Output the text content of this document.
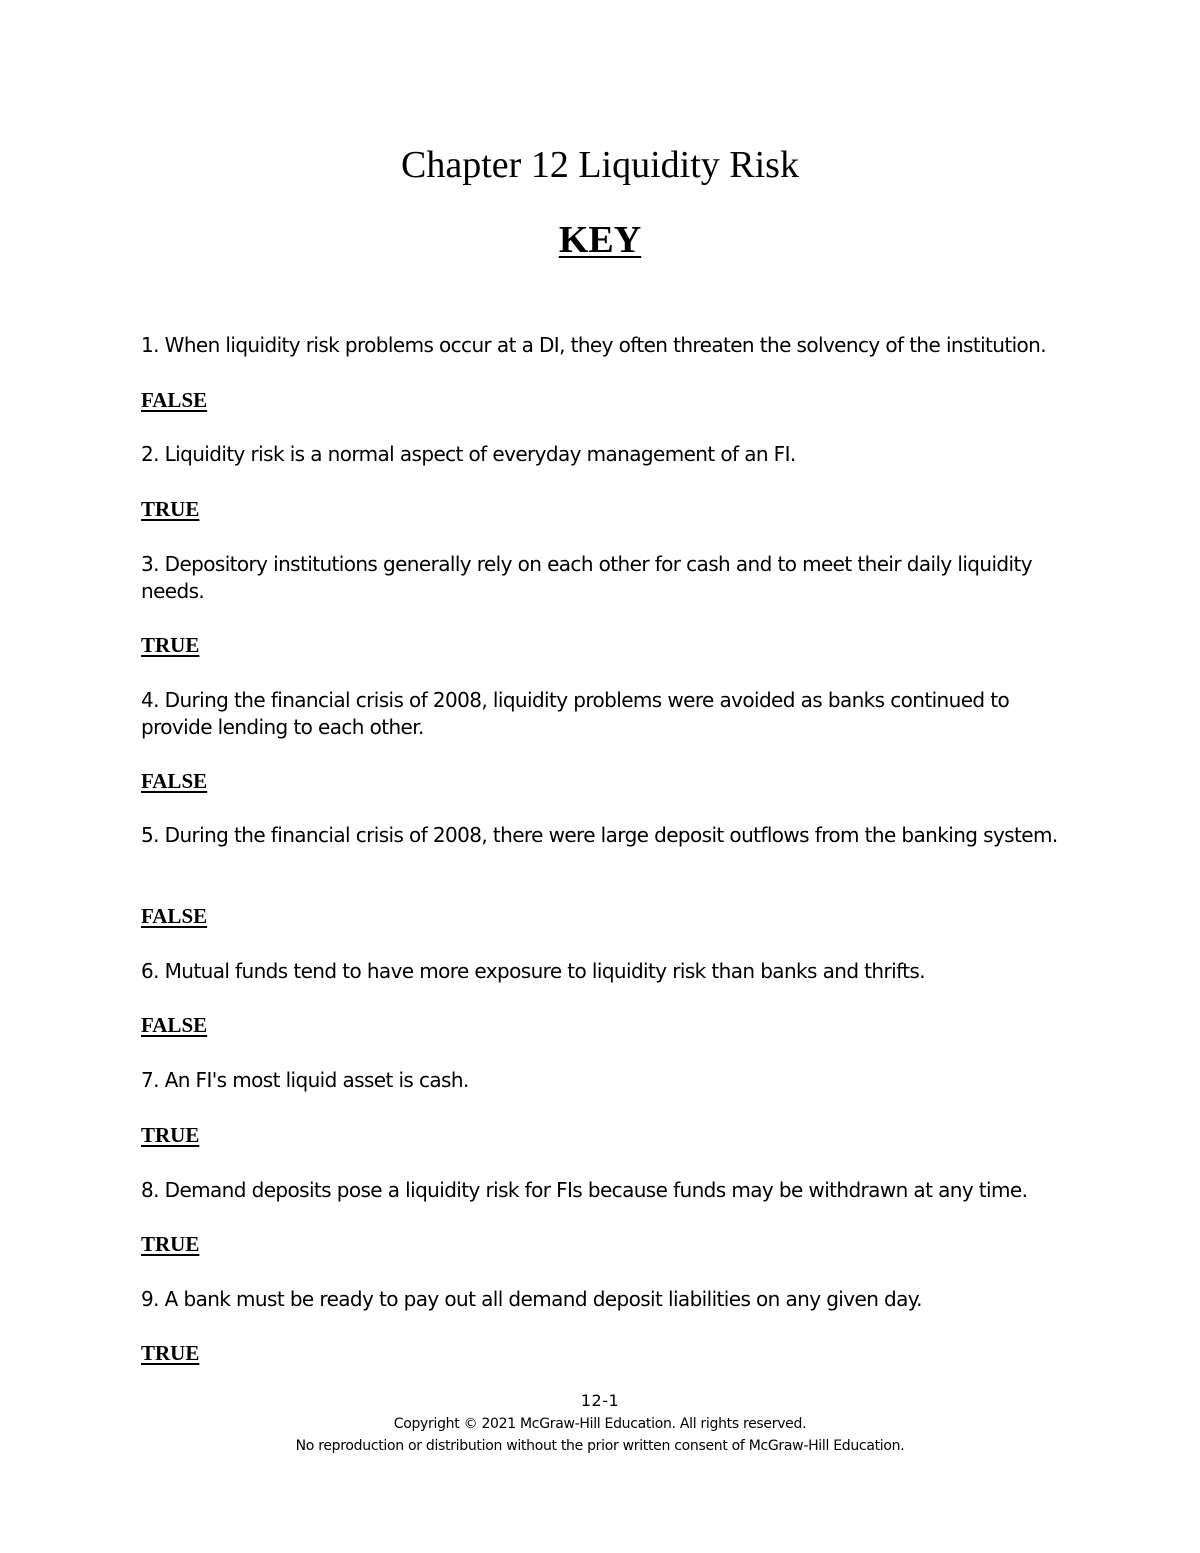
Chapter 12 Liquidity Risk
KEY

1. When liquidity risk problems occur at a DI, they often threaten the solvency of the institution.

FALSE

2. Liquidity risk is a normal aspect of everyday management of an FI.

TRUE

3. Depository institutions generally rely on each other for cash and to meet their daily liquidity needs.

TRUE

4. During the financial crisis of 2008, liquidity problems were avoided as banks continued to provide lending to each other.

FALSE

5. During the financial crisis of 2008, there were large deposit outflows from the banking system.

FALSE

6. Mutual funds tend to have more exposure to liquidity risk than banks and thrifts.

FALSE

7. An FI's most liquid asset is cash.

TRUE

8. Demand deposits pose a liquidity risk for FIs because funds may be withdrawn at any time.

TRUE

9. A bank must be ready to pay out all demand deposit liabilities on any given day.

TRUE

12-1

Copyright © 2021 McGraw-Hill Education. All rights reserved.

No reproduction or distribution without the prior written consent of McGraw-Hill Education.
